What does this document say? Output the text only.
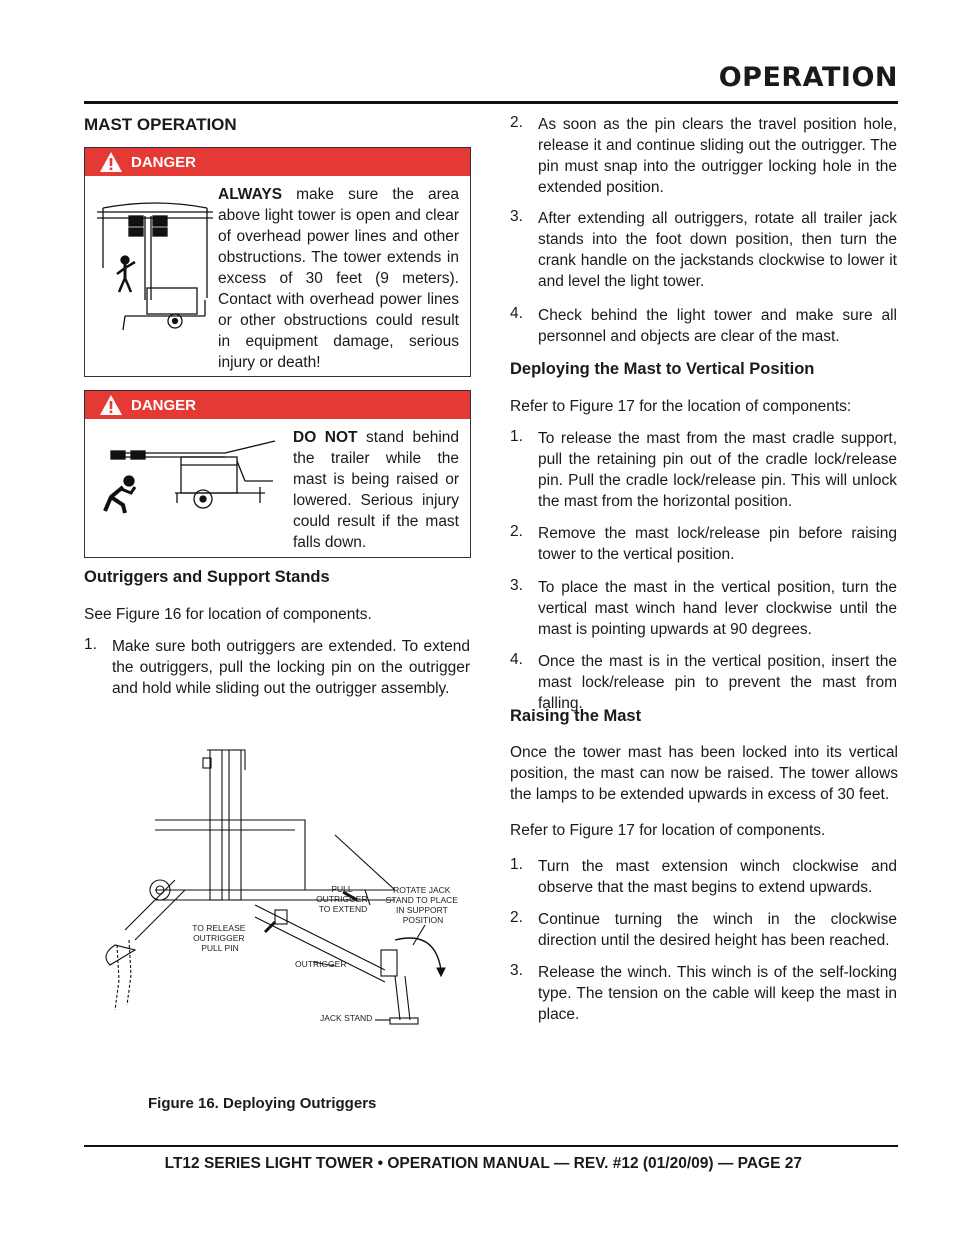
OPERATION
MAST OPERATION
DANGER
ALWAYS make sure the area above light tower is open and clear of overhead power lines and other obstructions. The tower extends in excess of 30 feet (9 meters). Contact with overhead power lines or other obstructions could result in equipment damage, serious injury or death!
DANGER
DO NOT stand behind the trailer while the mast is being raised or lowered. Serious injury could result if the mast falls down.
Outriggers and Support Stands
See Figure 16 for location of components.
1. Make sure both outriggers are extended. To extend the outriggers, pull the locking pin on the outrigger and hold while sliding out the outrigger assembly.
PULL OUTRIGGER TO EXTEND
ROTATE JACK STAND TO PLACE IN SUPPORT POSITION
TO RELEASE OUTRIGGER PULL PIN
OUTRIGGER
JACK STAND
Figure 16. Deploying Outriggers
2. As soon as the pin clears the travel position hole, release it and continue sliding out the outrigger. The pin must snap into the outrigger locking hole in the extended position.
3. After extending all outriggers, rotate all trailer jack stands into the foot down position, then turn the crank handle on the jackstands clockwise to lower it and level the light tower.
4. Check behind the light tower and make sure all personnel and objects are clear of the mast.
Deploying the Mast to Vertical Position
Refer to Figure 17 for the location of components:
1. To release the mast from the mast cradle support, pull the retaining pin out of the cradle lock/release pin. Pull the cradle lock/release pin. This will unlock the mast from the horizontal position.
2. Remove the mast lock/release pin before raising tower to the vertical position.
3. To place the mast in the vertical position, turn the vertical mast winch hand lever clockwise until the mast is pointing upwards at 90 degrees.
4. Once the mast is in the vertical position, insert the mast lock/release pin to prevent the mast from falling.
Raising the Mast
Once the tower mast has been locked into its vertical position, the mast can now be raised. The tower allows the lamps to be extended upwards in excess of 30 feet.
Refer to Figure 17 for location of components.
1. Turn the mast extension winch clockwise and observe that the mast begins to extend upwards.
2. Continue turning the winch in the clockwise direction until the desired height has been reached.
3. Release the winch. This winch is of the self-locking type. The tension on the cable will keep the mast in place.
LT12 SERIES LIGHT TOWER • OPERATION MANUAL — REV. #12 (01/20/09) — PAGE 27
